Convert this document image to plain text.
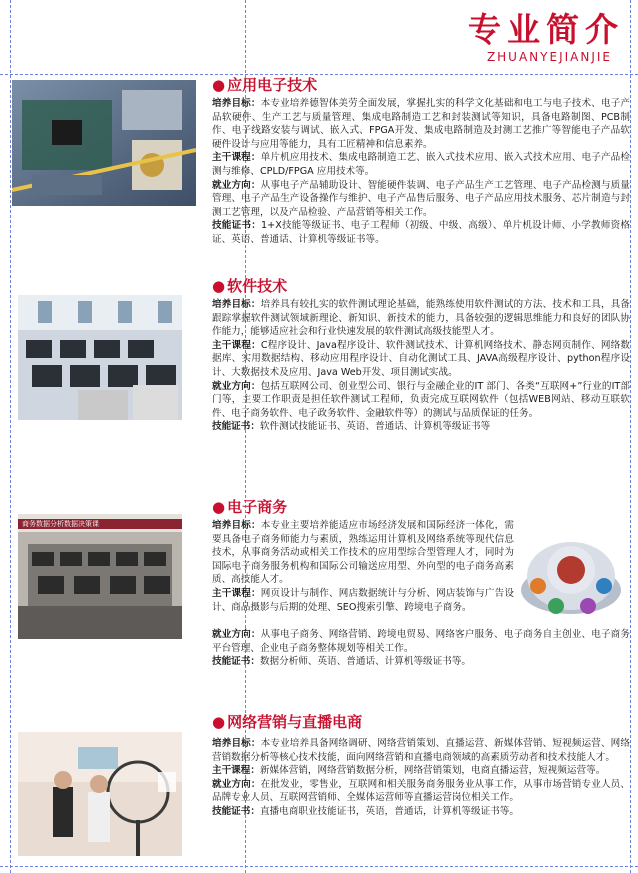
专业简介
ZHUANYEJIANJIE
● 应用电子技术

培养目标：本专业培养德智体美劳全面发展，掌握扎实的科学文化基础和电工与电子技术、电子产品软硬件、生产工艺与质量管理、集成电路制造工艺和封装测试等知识，具备电路制图、PCB制作、电子线路安装与调试、嵌入式、FPGA开发、集成电路制造及封测工艺推广等智能电子产品软硬件设计与应用等能力，具有工匠精神和信息素养。

主干课程：单片机应用技术、集成电路制造工艺、嵌入式技术应用、嵌入式技术应用、电子产品检测与维修、CPLD/FPGA 应用技术等。

就业方向：从事电子产品辅助设计、智能硬件装调、电子产品生产工艺管理、电子产品检测与质量管理、电子产品生产设备操作与维护、电子产品售后服务、电子产品应用技术服务、芯片制造与封测工艺管理，以及产品检验、产品营销等相关工作。

技能证书：1+X技能等级证书、电子工程师（初级、中级、高级）、单片机设计师、小学教师资格证、英语、普通话、计算机等级证书等。

● 软件技术

培养目标：培养具有较扎实的软件测试理论基础，能熟练使用软件测试的方法、技术和工具，具备跟踪掌握软件测试领域新理论、新知识、新技术的能力，具备较强的逻辑思维能力和良好的团队协作能力，能够适应社会和行业快速发展的软件测试高级技能型人才。

主干课程：C程序设计、Java程序设计、软件测试技术、计算机网络技术、静态网页制作、网络数据库、实用数据结构、移动应用程序设计、自动化测试工具、JAVA高级程序设计、python程序设计、大数据技术及应用、Java Web开发、项目测试实战。

就业方向：包括互联网公司、创业型公司、银行与金融企业的IT 部门、各类“互联网+”行业的IT部门等，主要工作职责是担任软件测试工程师，负责完成互联网软件（包括WEB网站、移动互联软件、电子商务软件、电子政务软件、金融软件等）的测试与品质保证的任务。

技能证书：软件测试技能证书、英语、普通话、计算机等级证书等

商务数据分析数据决策课
● 电子商务

培养目标：本专业主要培养能适应市场经济发展和国际经济一体化，需要具备电子商务师能力与素质，熟练运用计算机及网络系统等现代信息技术，从事商务活动或相关工作技术的应用型综合型管理人才，同时为国际电子商务服务机构和国际公司输送应用型、外向型的电子商务高素质、高技能人才。

主干课程：网页设计与制作、网店数据统计与分析、网店装饰与广告设计、商品摄影与后期的处理、SEO搜索引擎、跨境电子商务。

就业方向：从事电子商务、网络营销、跨境电贸易、网络客户服务、电子商务自主创业、电子商务平台管理、企业电子商务整体规划等相关工作。

技能证书：数据分析师、英语、普通话、计算机等级证书等。

● 网络营销与直播电商

培养目标：本专业培养具备网络调研、网络营销策划、直播运营、新媒体营销、短视频运营、网络营销数据分析等核心技术技能，面向网络营销和直播电商领域的高素质劳动者和技术技能人才。

主干课程：新媒体营销，网络营销数据分析，网络营销策划，电商直播运营，短视频运营等。

就业方向：在批发业，零售业，互联网和相关服务商务服务业从事工作，从事市场营销专业人员、品牌专业人员、互联网营销师、全媒体运营师等直播运营岗位相关工作。

技能证书：直播电商职业技能证书，英语，普通话，计算机等级证书等。
